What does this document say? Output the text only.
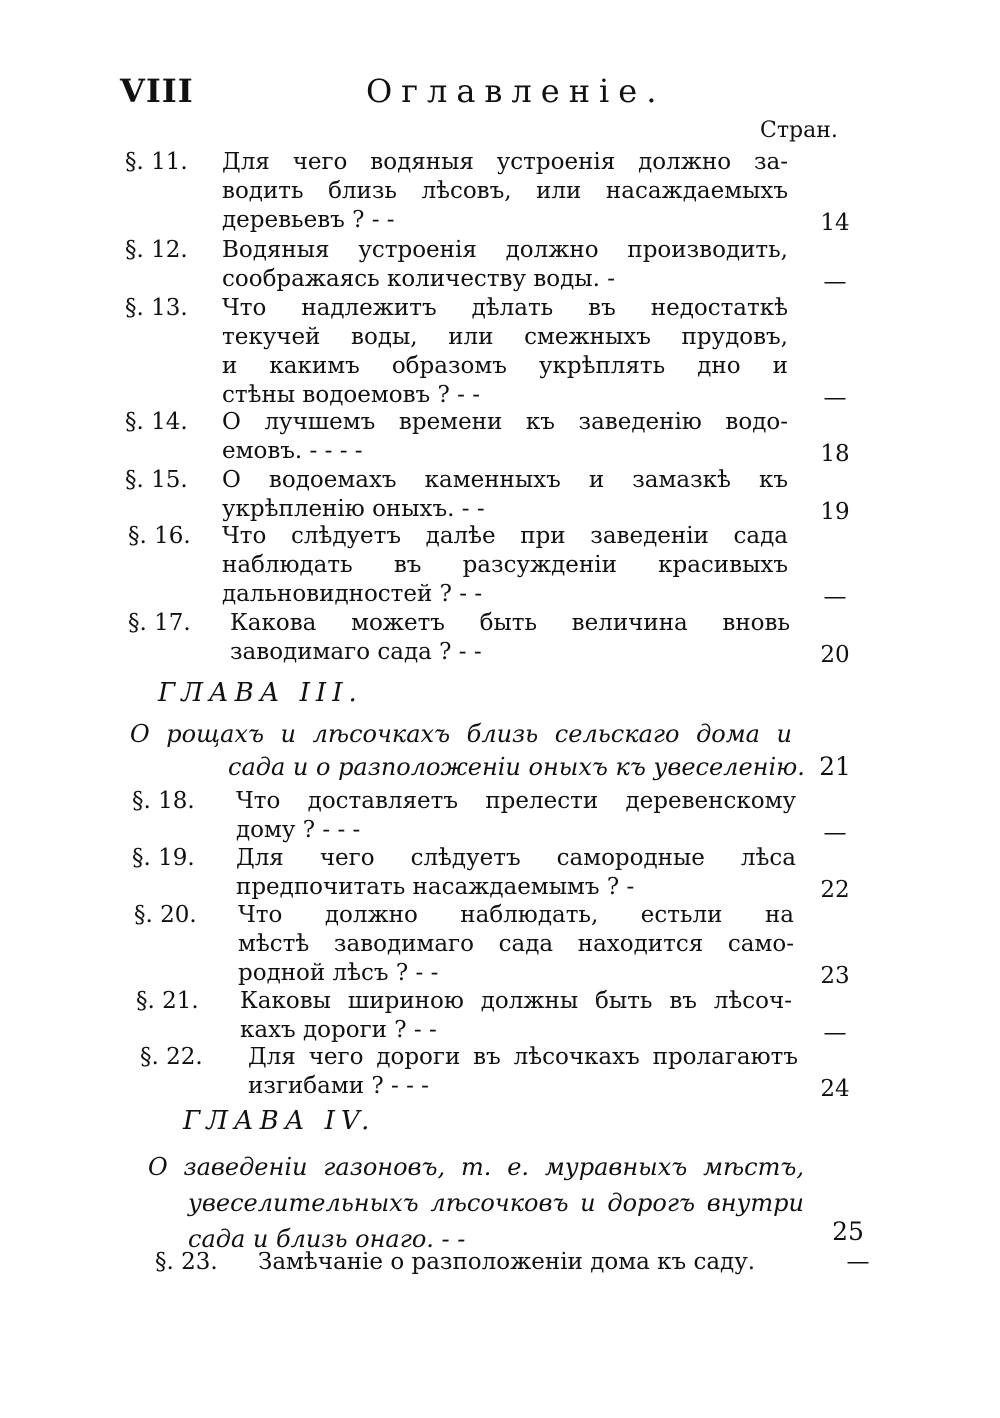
VIII	Оглавленіе.
Стран.
§. 11. Для чего водяныя устроенія должно за-
водить близь лѣсовъ, или насаждаемыхъ
деревьевъ ? - -	14
§. 12. Водяныя устроенія должно производить,
соображаясь количеству воды. -	—
§. 13. Что надлежитъ дѣлать въ недостаткѣ
текучей воды, или смежныхъ прудовъ,
и какимъ образомъ укрѣплять дно и
стѣны водоемовъ ? - -	—
§. 14. О лучшемъ времени къ заведенію водо-
емовъ. - - - -	18
§. 15. О водоемахъ каменныхъ и замазкѣ къ
укрѣпленію оныхъ. - -	19
§. 16. Что слѣдуетъ далѣе при заведеніи сада
наблюдать въ разсужденіи красивыхъ
дальновидностей ? - -	—
§. 17. Какова можетъ быть величина вновь
заводимаго сада ? - -	20
ГЛАВА III.
О рощахъ и лѣсочкахъ близь сельскаго дома и
сада и о разположеніи оныхъ къ увеселенію. 21
§. 18. Что доставляетъ прелести деревенскому
дому ? - - -	—
§. 19. Для чего слѣдуетъ самородные лѣса
предпочитать насаждаемымъ ? -	22
§. 20. Что должно наблюдать, естьли на
мѣстѣ заводимаго сада находится само-
родной лѣсъ ? - -	23
§. 21. Каковы шириною должны быть въ лѣсоч-
кахъ дороги ? - -	—
§. 22. Для чего дороги въ лѣсочкахъ пролагаютъ
изгибами ? - - -	24
ГЛАВА IV.
О заведеніи газоновъ, т. е. муравныхъ мѣстъ,
увеселительныхъ лѣсочковъ и дорогъ внутри
сада и близь онаго. - -	25
§. 23. Замѣчаніе о разположеніи дома къ саду.	—
